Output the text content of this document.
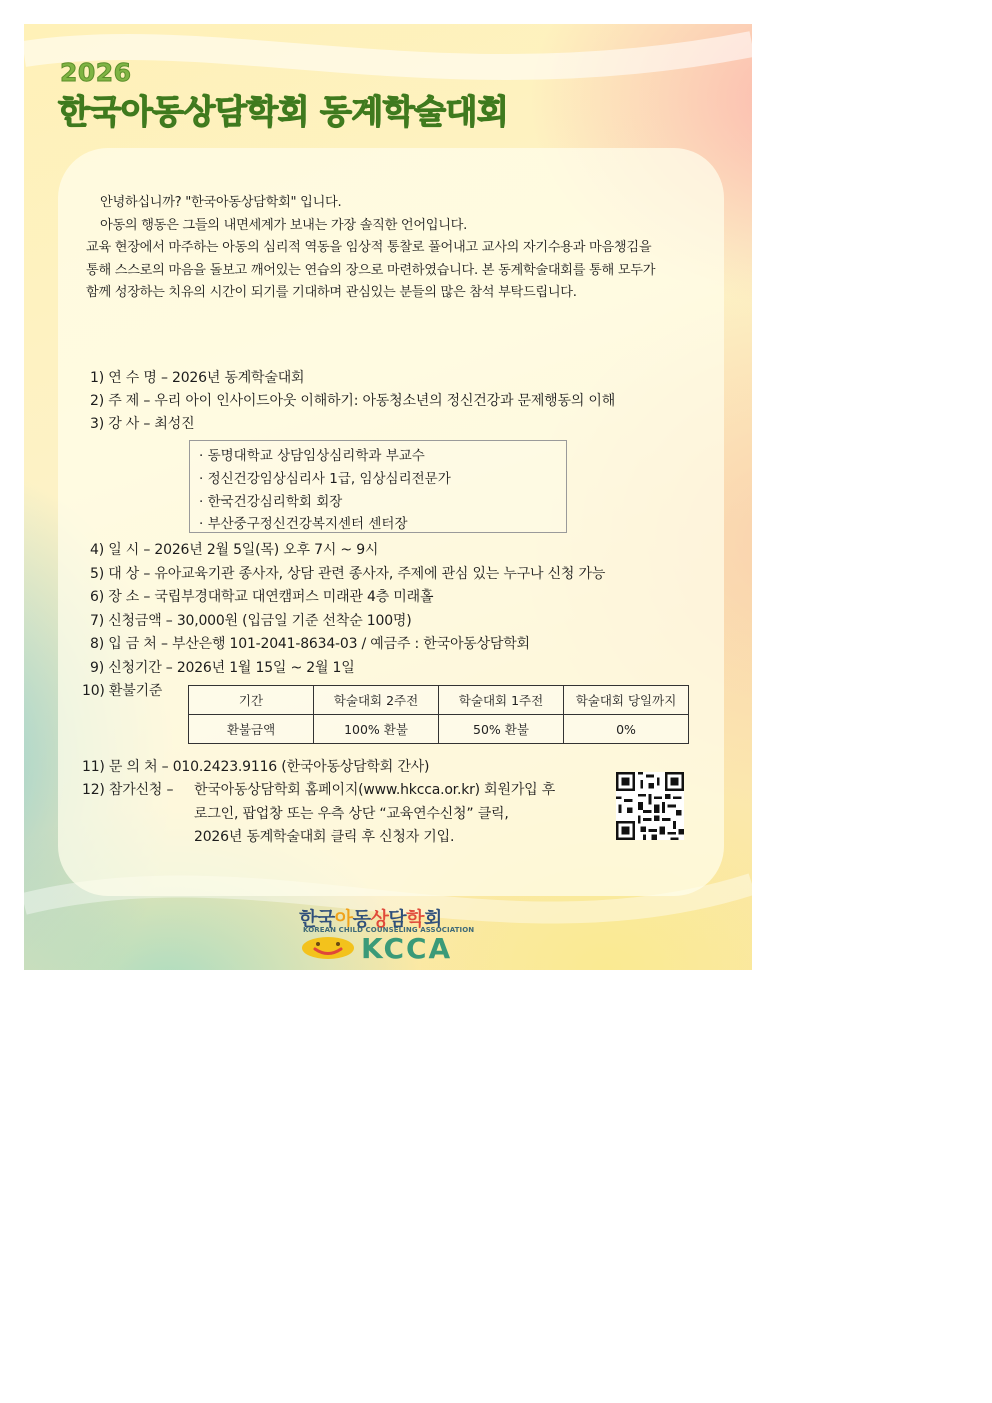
2026
한국아동상담학회 동계학술대회
안녕하십니까? "한국아동상담학회" 입니다.
아동의 행동은 그들의 내면세계가 보내는 가장 솔직한 언어입니다.
교육 현장에서 마주하는 아동의 심리적 역동을 임상적 통찰로 풀어내고 교사의 자기수용과 마음챙김을
통해 스스로의 마음을 돌보고 깨어있는 연습의 장으로 마련하였습니다. 본 동계학술대회를 통해 모두가
함께 성장하는 치유의 시간이 되기를 기대하며 관심있는 분들의 많은 참석 부탁드립니다.
1) 연 수 명 – 2026년 동계학술대회
2) 주 제 – 우리 아이 인사이드아웃 이해하기: 아동청소년의 정신건강과 문제행동의 이해
3) 강 사 – 최성진
4) 일 시 – 2026년 2월 5일(목) 오후 7시 ~ 9시
5) 대 상 – 유아교육기관 종사자, 상담 관련 종사자, 주제에 관심 있는 누구나 신청 가능
6) 장 소 – 국립부경대학교 대연캠퍼스 미래관 4층 미래홀
7) 신청금액 – 30,000원 (입금일 기준 선착순 100명)
8) 입 금 처 – 부산은행 101-2041-8634-03 / 예금주 : 한국아동상담학회
9) 신청기간 – 2026년 1월 15일 ~ 2월 1일
10) 환불기준
11) 문 의 처 – 010.2423.9116 (한국아동상담학회 간사)
12) 참가신청 – 한국아동상담학회 홈페이지(www.hkcca.or.kr) 회원가입 후
로그인, 팝업창 또는 우측 상단 “교육연수신청” 클릭,
2026년 동계학술대회 클릭 후 신청자 기입.
· 동명대학교 상담임상심리학과 부교수
· 정신건강임상심리사 1급, 임상심리전문가
· 한국건강심리학회 회장
· 부산중구정신건강복지센터 센터장
기간	학술대회 2주전	학술대회 1주전	학술대회 당일까지
환불금액	100% 환불	50% 환불	0%
한국아동상담학회
KOREAN CHILD COUNSELING ASSOCIATION
KCCA
